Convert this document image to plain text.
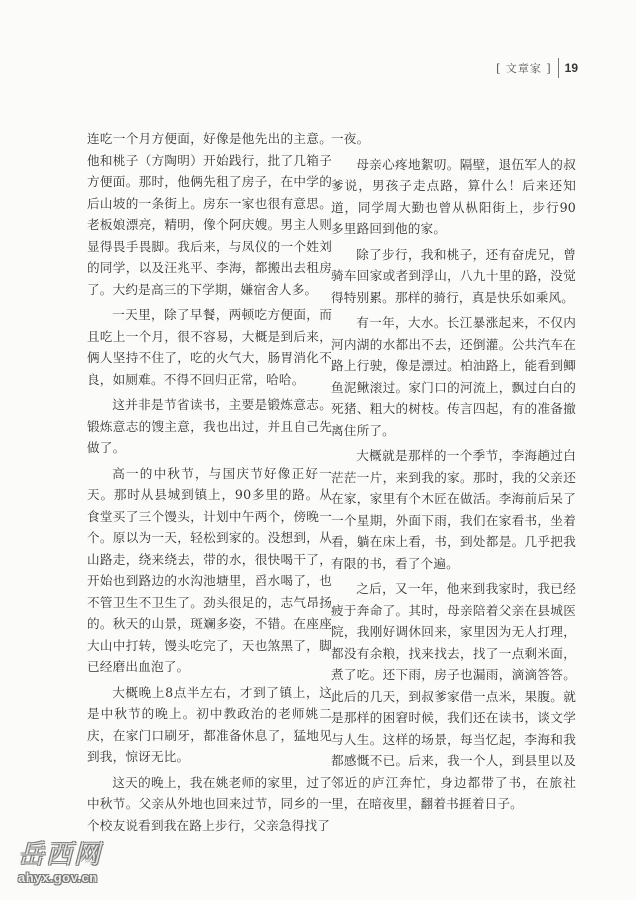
[ 文章家 ] 19

连吃一个月方便面，好像是他先出的主意。他和桃子（方陶明）开始践行，批了几箱子方便面。那时，他俩先租了房子，在中学的后山坡的一条街上。房东一家也很有意思。老板娘漂亮，精明，像个阿庆嫂。男主人则显得畏手畏脚。我后来，与凤仪的一个姓刘的同学，以及汪兆平、李海，都搬出去租房了。大约是高三的下学期，嫌宿舍人多。

一天里，除了早餐，两顿吃方便面，而且吃上一个月，很不容易，大概是到后来，俩人坚持不住了，吃的火气大，肠胃消化不良，如厕难。不得不回归正常，哈哈。

这并非是节省读书，主要是锻炼意志。锻炼意志的馊主意，我也出过，并且自己先做了。

高一的中秋节，与国庆节好像正好一天。那时从县城到镇上，90多里的路。从食堂买了三个馒头，计划中午两个，傍晚一个。原以为一天，轻松到家的。没想到，从山路走，绕来绕去，带的水，很快喝干了，开始也到路边的水沟池塘里，舀水喝了，也不管卫生不卫生了。劲头很足的，志气昂扬的。秋天的山景，斑斓多姿，不错。在座座大山中打转，馒头吃完了，天也煞黑了，脚已经磨出血泡了。

大概晚上8点半左右，才到了镇上，这是中秋节的晚上。初中教政治的老师姚二庆，在家门口刷牙，都准备休息了，猛地见到我，惊讶无比。

这天的晚上，我在姚老师的家里，过了中秋节。父亲从外地也回来过节，同乡的一个校友说看到我在路上步行，父亲急得找了

一夜。

母亲心疼地絮叨。隔壁，退伍军人的叔爹说，男孩子走点路，算什么！后来还知道，同学周大勤也曾从枞阳街上，步行90多里路回到他的家。

除了步行，我和桃子，还有奋虎兄，曾骑车回家或者到浮山，八九十里的路，没觉得特别累。那样的骑行，真是快乐如乘风。

有一年，大水。长江暴涨起来，不仅内河内湖的水都出不去，还倒灌。公共汽车在路上行驶，像是漂过。柏油路上，能看到鲫鱼泥鳅滚过。家门口的河流上，飘过白白的死猪、粗大的树枝。传言四起，有的准备撤离住所了。

大概就是那样的一个季节，李海趟过白茫茫一片，来到我的家。那时，我的父亲还在家，家里有个木匠在做活。李海前后呆了一个星期，外面下雨，我们在家看书，坐着看，躺在床上看，书，到处都是。几乎把我有限的书，看了个遍。

之后，又一年，他来到我家时，我已经疲于奔命了。其时，母亲陪着父亲在县城医院，我刚好调休回来，家里因为无人打理，都没有余粮，找来找去，找了一点剩米面，煮了吃。还下雨，房子也漏雨，滴滴答答。此后的几天，到叔爹家借一点米，果腹。就是那样的困窘时候，我们还在读书，谈文学与人生。这样的场景，每当忆起，李海和我都感慨不已。后来，我一个人，到县里以及邻近的庐江奔忙，身边都带了书，在旅社里，在暗夜里，翻着书捱着日子。

岳西网
ahyx.gov.cn
